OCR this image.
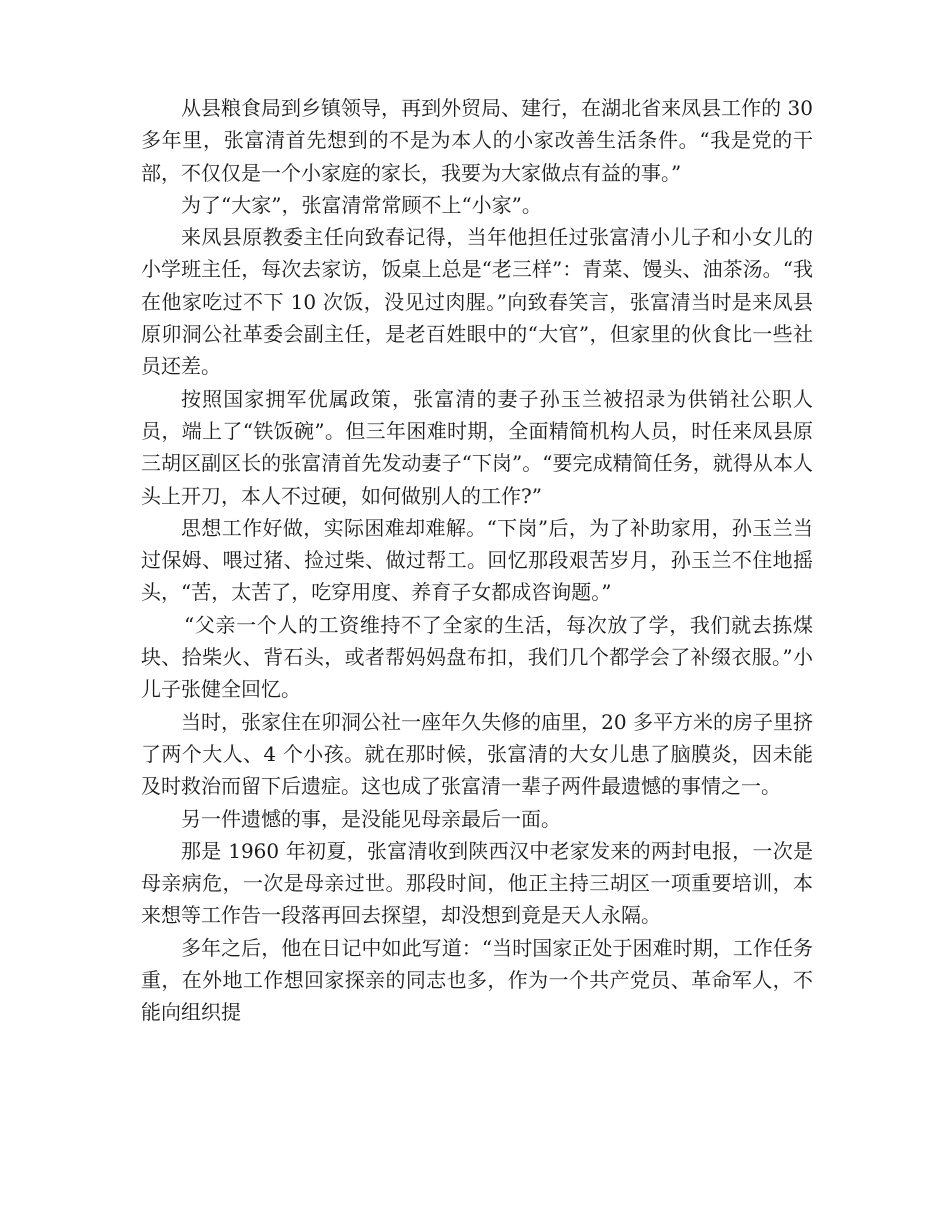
从县粮食局到乡镇领导，再到外贸局、建行，在湖北省来凤县工作的 30 多年里，张富清首先想到的不是为本人的小家改善生活条件。“我是党的干部，不仅仅是一个小家庭的家长，我要为大家做点有益的事。”

为了“大家”，张富清常常顾不上“小家”。

来凤县原教委主任向致春记得，当年他担任过张富清小儿子和小女儿的小学班主任，每次去家访，饭桌上总是“老三样”：青菜、馒头、油茶汤。“我在他家吃过不下 10 次饭，没见过肉腥。”向致春笑言，张富清当时是来凤县原卯洞公社革委会副主任，是老百姓眼中的“大官”，但家里的伙食比一些社员还差。

按照国家拥军优属政策，张富清的妻子孙玉兰被招录为供销社公职人员，端上了“铁饭碗”。但三年困难时期，全面精简机构人员，时任来凤县原三胡区副区长的张富清首先发动妻子“下岗”。“要完成精简任务，就得从本人头上开刀，本人不过硬，如何做别人的工作?”

思想工作好做，实际困难却难解。“下岗”后，为了补助家用，孙玉兰当过保姆、喂过猪、捡过柴、做过帮工。回忆那段艰苦岁月，孙玉兰不住地摇头，“苦，太苦了，吃穿用度、养育子女都成咨询题。”

“父亲一个人的工资维持不了全家的生活，每次放了学，我们就去拣煤块、拾柴火、背石头，或者帮妈妈盘布扣，我们几个都学会了补缀衣服。”小儿子张健全回忆。

当时，张家住在卯洞公社一座年久失修的庙里，20 多平方米的房子里挤了两个大人、4 个小孩。就在那时候，张富清的大女儿患了脑膜炎，因未能及时救治而留下后遗症。这也成了张富清一辈子两件最遗憾的事情之一。

另一件遗憾的事，是没能见母亲最后一面。

那是 1960 年初夏，张富清收到陕西汉中老家发来的两封电报，一次是母亲病危，一次是母亲过世。那段时间，他正主持三胡区一项重要培训，本来想等工作告一段落再回去探望，却没想到竟是天人永隔。

多年之后，他在日记中如此写道：“当时国家正处于困难时期，工作任务重，在外地工作想回家探亲的同志也多，作为一个共产党员、革命军人，不能向组织提
